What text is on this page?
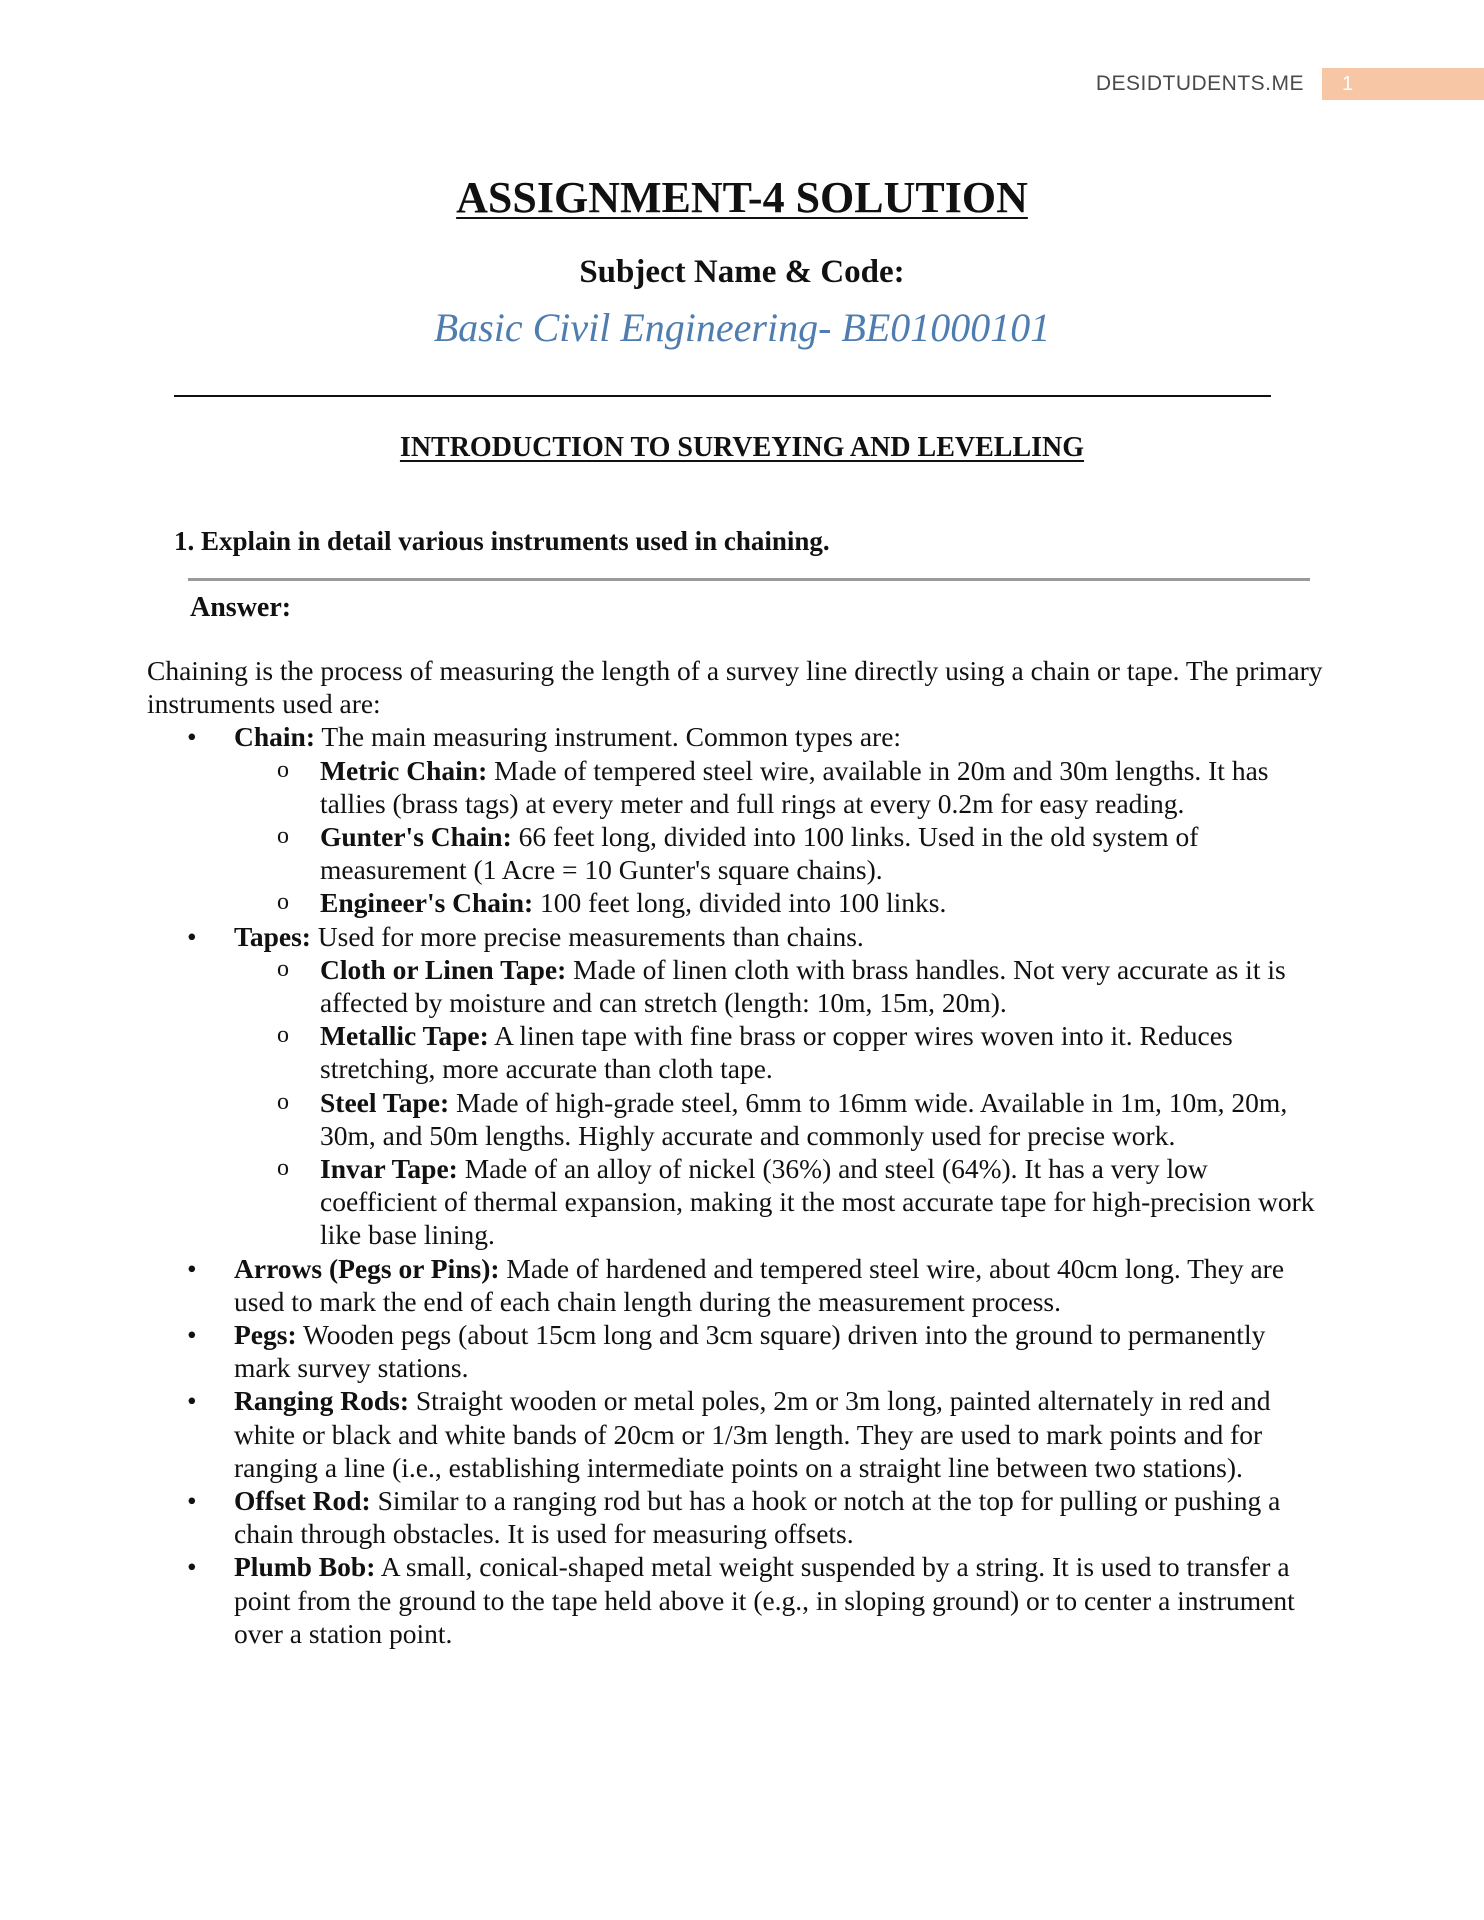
DESIDTUDENTS.ME 1
ASSIGNMENT-4 SOLUTION
Subject Name & Code:
Basic Civil Engineering- BE01000101
INTRODUCTION TO SURVEYING AND LEVELLING
1. Explain in detail various instruments used in chaining.
Answer:

Chaining is the process of measuring the length of a survey line directly using a chain or tape. The primary instruments used are:

• Chain: The main measuring instrument. Common types are:
o Metric Chain: Made of tempered steel wire, available in 20m and 30m lengths. It has tallies (brass tags) at every meter and full rings at every 0.2m for easy reading.
o Gunter's Chain: 66 feet long, divided into 100 links. Used in the old system of measurement (1 Acre = 10 Gunter's square chains).
o Engineer's Chain: 100 feet long, divided into 100 links.
• Tapes: Used for more precise measurements than chains.
o Cloth or Linen Tape: Made of linen cloth with brass handles. Not very accurate as it is affected by moisture and can stretch (length: 10m, 15m, 20m).
o Metallic Tape: A linen tape with fine brass or copper wires woven into it. Reduces stretching, more accurate than cloth tape.
o Steel Tape: Made of high-grade steel, 6mm to 16mm wide. Available in 1m, 10m, 20m, 30m, and 50m lengths. Highly accurate and commonly used for precise work.
o Invar Tape: Made of an alloy of nickel (36%) and steel (64%). It has a very low coefficient of thermal expansion, making it the most accurate tape for high-precision work like base lining.
• Arrows (Pegs or Pins): Made of hardened and tempered steel wire, about 40cm long. They are used to mark the end of each chain length during the measurement process.
• Pegs: Wooden pegs (about 15cm long and 3cm square) driven into the ground to permanently mark survey stations.
• Ranging Rods: Straight wooden or metal poles, 2m or 3m long, painted alternately in red and white or black and white bands of 20cm or 1/3m length. They are used to mark points and for ranging a line (i.e., establishing intermediate points on a straight line between two stations).
• Offset Rod: Similar to a ranging rod but has a hook or notch at the top for pulling or pushing a chain through obstacles. It is used for measuring offsets.
• Plumb Bob: A small, conical-shaped metal weight suspended by a string. It is used to transfer a point from the ground to the tape held above it (e.g., in sloping ground) or to center a instrument over a station point.
